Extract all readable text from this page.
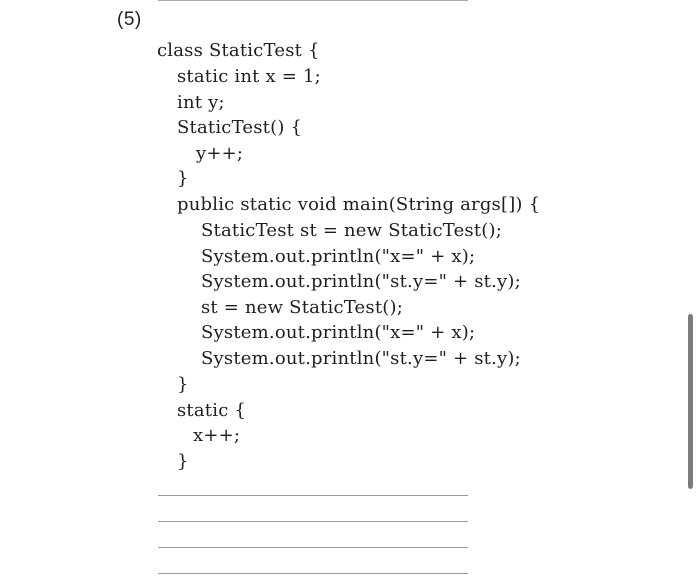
(5)
class StaticTest {
static int x = 1;
int y;
StaticTest() {
y++;
}
public static void main(String args[]) {
StaticTest st = new StaticTest();
System.out.println("x=" + x);
System.out.println("st.y=" + st.y);
st = new StaticTest();
System.out.println("x=" + x);
System.out.println("st.y=" + st.y);
}
static {
x++;
}
